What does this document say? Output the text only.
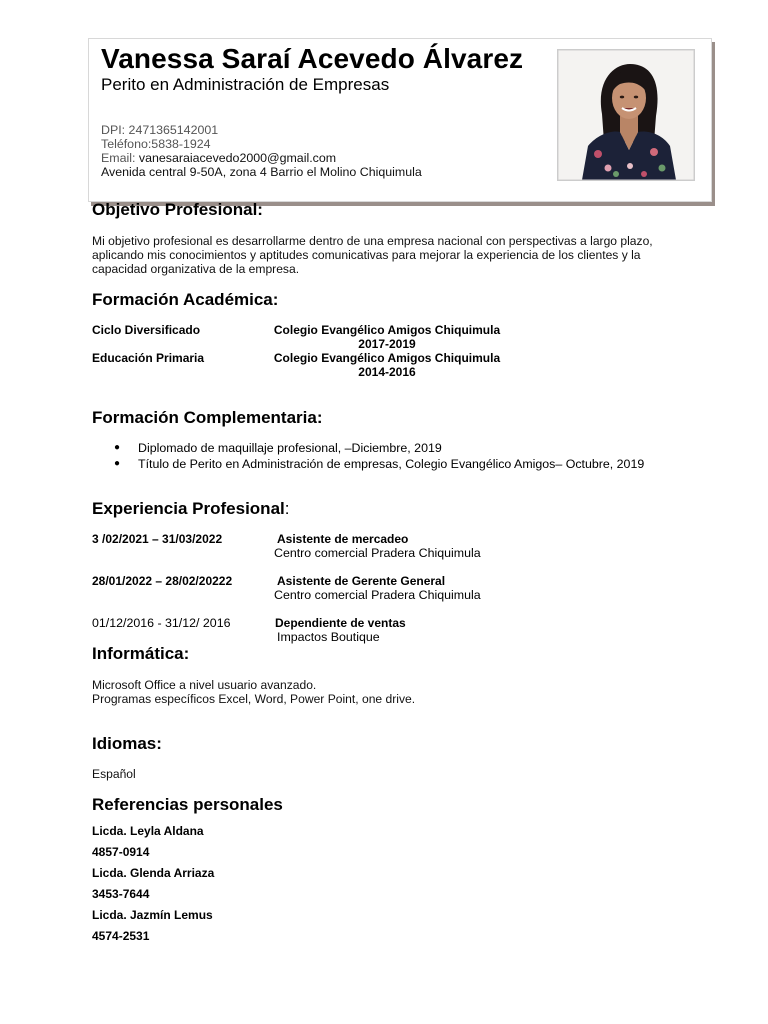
Vanessa Saraí Acevedo Álvarez
Perito en Administración de Empresas
DPI: 2471365142001
Teléfono:5838-1924
Email: vanesaraiacevedo2000@gmail.com
Avenida central 9-50A, zona 4 Barrio el Molino Chiquimula
Objetivo Profesional:
Mi objetivo profesional es desarrollarme dentro de una empresa nacional con perspectivas a largo plazo, aplicando mis conocimientos y aptitudes comunicativas para mejorar la experiencia de los clientes y la capacidad organizativa de la empresa.
Formación Académica:
Ciclo Diversificado	Colegio Evangélico Amigos Chiquimula
2017-2019
Educación Primaria	Colegio Evangélico Amigos Chiquimula
2014-2016
Formación Complementaria:
● Diplomado de maquillaje profesional, –Diciembre, 2019
● Título de Perito en Administración de empresas, Colegio Evangélico Amigos– Octubre, 2019
Experiencia Profesional:
3 /02/2021 – 31/03/2022	Asistente de mercadeo
Centro comercial Pradera Chiquimula
28/01/2022 – 28/02/20222	Asistente de Gerente General
Centro comercial Pradera Chiquimula
01/12/2016 - 31/12/ 2016	Dependiente de ventas
Impactos Boutique
Informática:
Microsoft Office a nivel usuario avanzado.
Programas específicos Excel, Word, Power Point, one drive.
Idiomas:
Español
Referencias personales
Licda. Leyla Aldana
4857-0914
Licda. Glenda Arriaza
3453-7644
Licda. Jazmín Lemus
4574-2531
